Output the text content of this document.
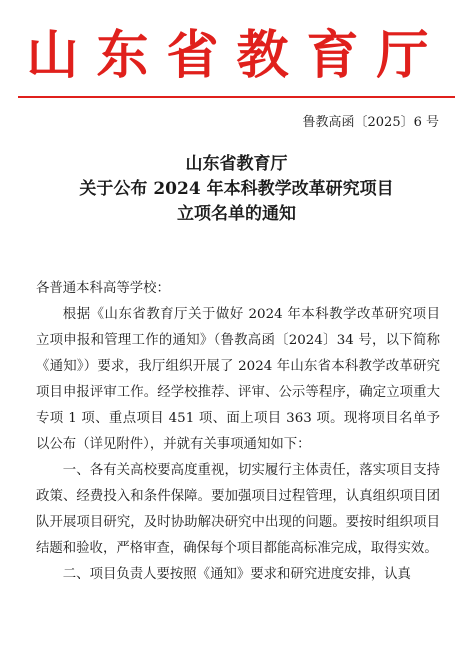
山东省教育厅
鲁教高函〔2025〕6 号
山东省教育厅
关于公布 2024 年本科教学改革研究项目
立项名单的通知

各普通本科高等学校：

根据《山东省教育厅关于做好 2024 年本科教学改革研究项目立项申报和管理工作的通知》（鲁教高函〔2024〕34 号，以下简称《通知》）要求，我厅组织开展了 2024 年山东省本科教学改革研究项目申报评审工作。经学校推荐、评审、公示等程序，确定立项重大专项 1 项、重点项目 451 项、面上项目 363 项。现将项目名单予以公布（详见附件），并就有关事项通知如下：

一、各有关高校要高度重视，切实履行主体责任，落实项目支持政策、经费投入和条件保障。要加强项目过程管理，认真组织项目团队开展项目研究，及时协助解决研究中出现的问题。要按时组织项目结题和验收，严格审查，确保每个项目都能高标准完成，取得实效。

二、项目负责人要按照《通知》要求和研究进度安排，认真
